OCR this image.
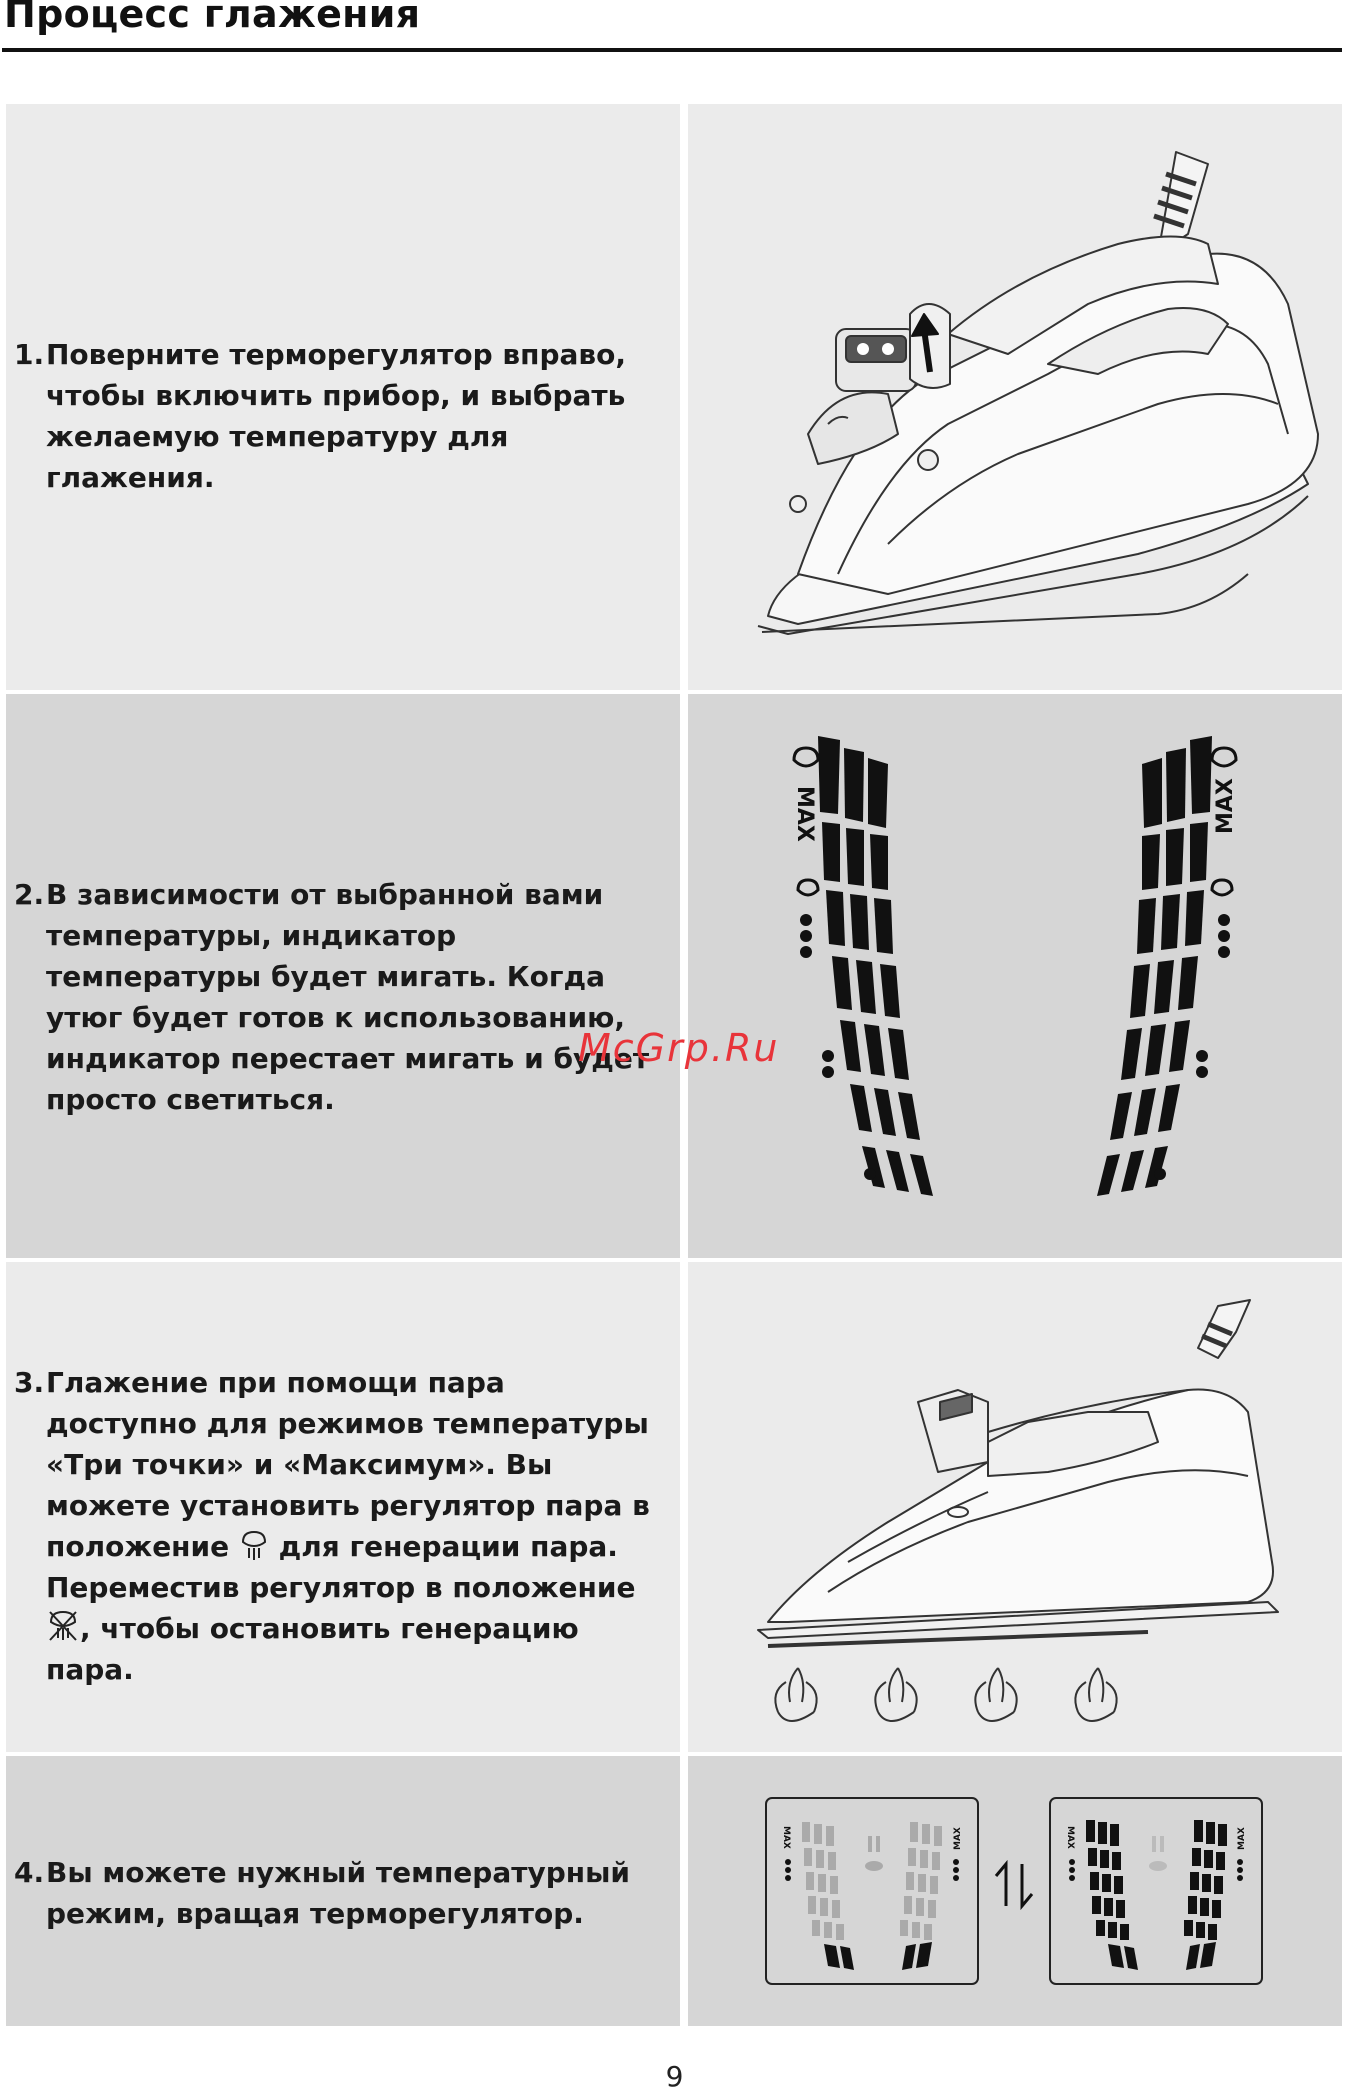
Процесс глажения
1. Поверните терморегулятор вправо, чтобы включить прибор, и выбрать желаемую температуру для глажения.
2. В зависимости от выбранной вами температуры, индикатор температуры будет мигать. Когда утюг будет готов к использованию, индикатор перестает мигать и будет просто светиться.
MAX	MAX
3. Глажение при помощи пара доступно для режимов температуры «Три точки» и «Максимум». Вы можете установить регулятор пара в положение  для генерации пара. Переместив регулятор в положение , чтобы остановить генерацию пара.
4. Вы можете нужный температурный режим, вращая терморегулятор.
MAX	MAX	MAX	MAX
McGrp.Ru
9
